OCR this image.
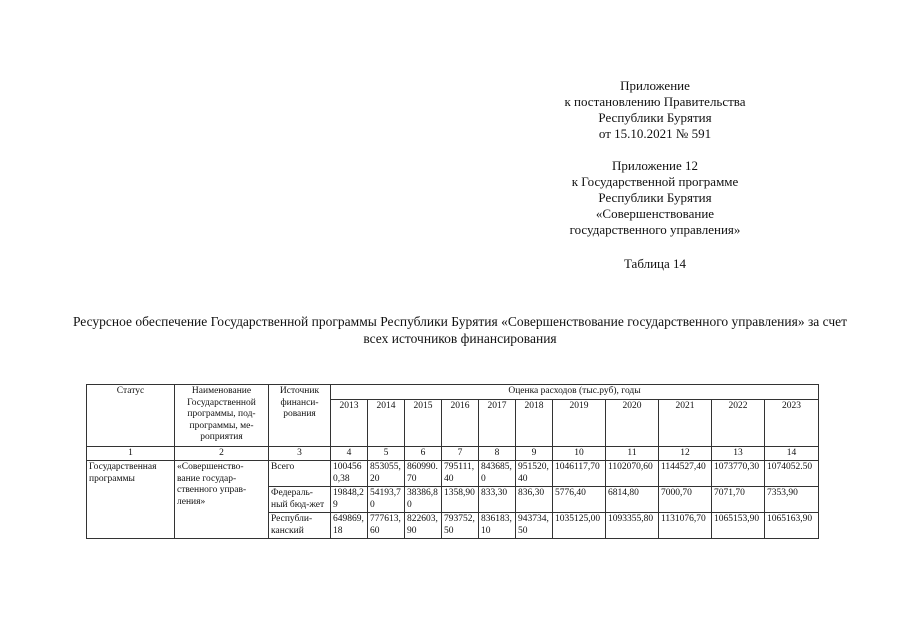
Приложение
к постановлению Правительства
Республики Бурятия
от 15.10.2021 № 591
Приложение 12
к Государственной программе
Республики Бурятия
«Совершенствование
государственного управления»
Таблица 14
Ресурсное обеспечение Государственной программы Республики Бурятия «Совершенствование государственного управления» за счет всех источников финансирования
Статус	Наименование Государственной программы, под-программы, ме-роприятия	Источник финанси-рования	Оценка расходов (тыс.руб), годы										
			2013	2014	2015	2016	2017	2018	2019	2020	2021	2022	2023
1	2	3	4	5	6	7	8	9	10	11	12	13	14
Государственная программы	«Совершенство-вание государ-ственного управ-ления»	Всего	1004560,38	853055,20	860990.70	795111,40	843685,0	951520,40	1046117,70	1102070,60	1144527,40	1073770,30	1074052.50
		Федераль-ный бюд-жет	19848,29	54193,70	38386,80	1358,90	833,30	836,30	5776,40	6814,80	7000,70	7071,70	7353,90
		Республи-канский	649869,18	777613,60	822603,90	793752,50	836183,10	943734,50	1035125,00	1093355,80	1131076,70	1065153,90	1065163,90
